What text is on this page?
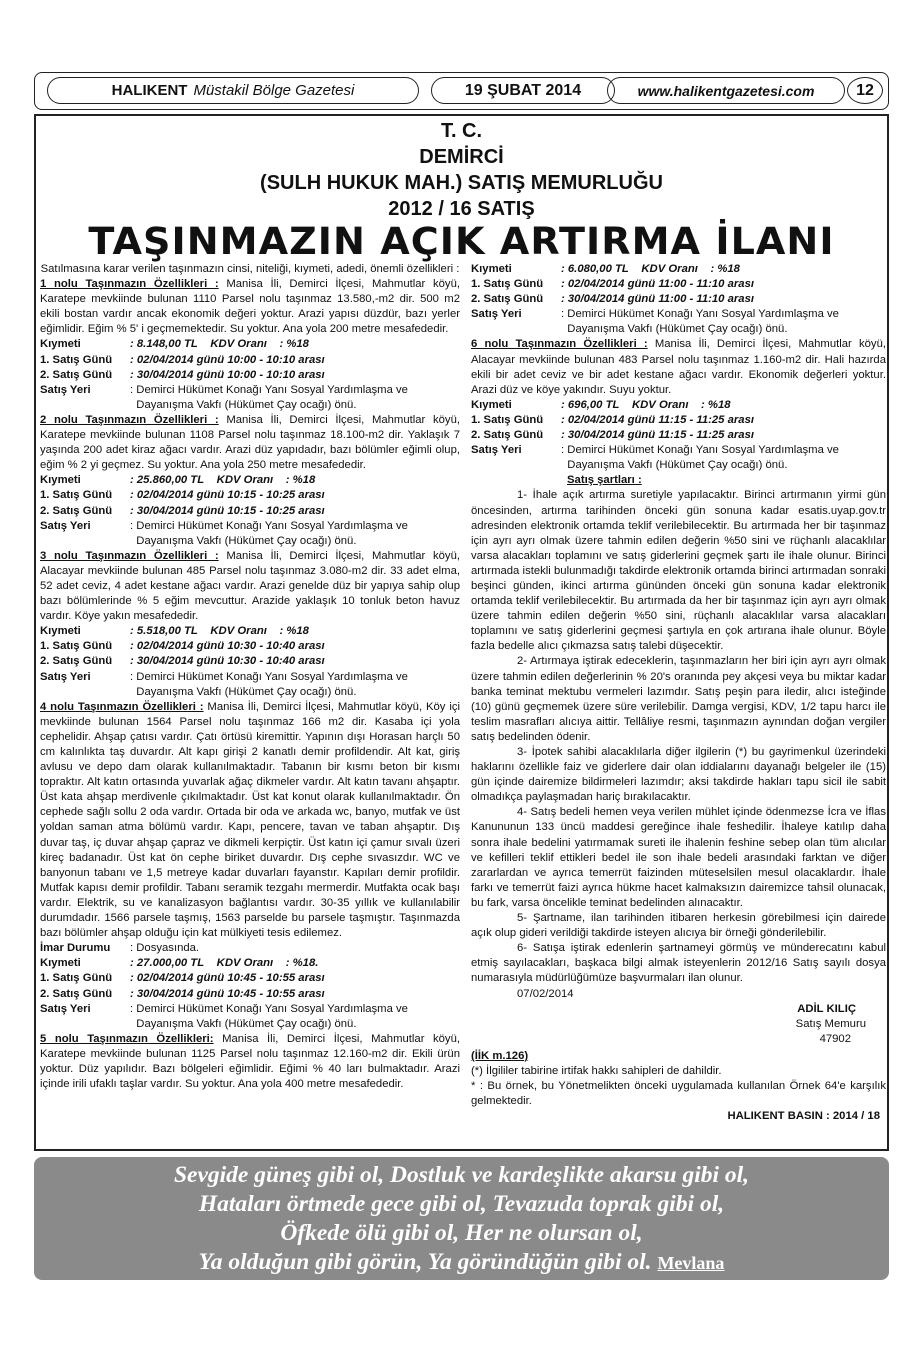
HALIKENT Müstakil Bölge Gazetesi	19 ŞUBAT 2014	www.halikentgazetesi.com	12
T. C.
DEMİRCİ
(SULH HUKUK MAH.) SATIŞ MEMURLUĞU
2012 / 16 SATIŞ
TAŞINMAZIN AÇIK ARTIRMA İLANI

Satılmasına karar verilen taşınmazın cinsi, niteliği, kıymeti, adedi, önemli özellikleri :

1 nolu Taşınmazın Özellikleri : Manisa İli, Demirci İlçesi, Mahmutlar köyü, Karatepe mevkiinde bulunan 1110 Parsel nolu taşınmaz 13.580,-m2 dir. 500 m2 ekili bostan vardır ancak ekonomik değeri yoktur. Arazi yapısı düzdür, bazı yerler eğimlidir. Eğim % 5' i geçmemektedir. Su yoktur. Ana yola 200 metre mesafededir.

Kıymeti	: 8.148,00 TL KDV Oranı : %18
1. Satış Günü	: 02/04/2014 günü 10:00 - 10:10 arası
2. Satış Günü	: 30/04/2014 günü 10:00 - 10:10 arası
Satış Yeri	: Demirci Hükümet Konağı Yanı Sosyal Yardımlaşma ve
Dayanışma Vakfı (Hükümet Çay ocağı) önü.

2 nolu Taşınmazın Özellikleri : Manisa İli, Demirci İlçesi, Mahmutlar köyü, Karatepe mevkiinde bulunan 1108 Parsel nolu taşınmaz 18.100-m2 dir. Yaklaşık 7 yaşında 200 adet kiraz ağacı vardır. Arazi düz yapıdadır, bazı bölümler eğimli olup, eğim % 2 yi geçmez. Su yoktur. Ana yola 250 metre mesafededir.

Kıymeti	: 25.860,00 TL KDV Oranı : %18
1. Satış Günü	: 02/04/2014 günü 10:15 - 10:25 arası
2. Satış Günü	: 30/04/2014 günü 10:15 - 10:25 arası
Satış Yeri	: Demirci Hükümet Konağı Yanı Sosyal Yardımlaşma ve
Dayanışma Vakfı (Hükümet Çay ocağı) önü.

3 nolu Taşınmazın Özellikleri : Manisa İli, Demirci İlçesi, Mahmutlar köyü, Alacayar mevkiinde bulunan 485 Parsel nolu taşınmaz 3.080-m2 dir. 33 adet elma, 52 adet ceviz, 4 adet kestane ağacı vardır. Arazi genelde düz bir yapıya sahip olup bazı bölümlerinde % 5 eğim mevcuttur. Arazide yaklaşık 10 tonluk beton havuz vardır. Köye yakın mesafededir.

Kıymeti	: 5.518,00 TL KDV Oranı : %18
1. Satış Günü	: 02/04/2014 günü 10:30 - 10:40 arası
2. Satış Günü	: 30/04/2014 günü 10:30 - 10:40 arası
Satış Yeri	: Demirci Hükümet Konağı Yanı Sosyal Yardımlaşma ve
Dayanışma Vakfı (Hükümet Çay ocağı) önü.

4 nolu Taşınmazın Özellikleri : Manisa İli, Demirci İlçesi, Mahmutlar köyü, Köy içi mevkiinde bulunan 1564 Parsel nolu taşınmaz 166 m2 dir. Kasaba içi yola cephelidir. Ahşap çatısı vardır. Çatı örtüsü kiremittir. Yapının dışı Horasan harçlı 50 cm kalınlıkta taş duvardır. Alt kapı girişi 2 kanatlı demir profildendir. Alt kat, giriş avlusu ve depo dam olarak kullanılmaktadır. Tabanın bir kısmı beton bir kısmı topraktır. Alt katın ortasında yuvarlak ağaç dikmeler vardır. Alt katın tavanı ahşaptır. Üst kata ahşap merdivenle çıkılmaktadır. Üst kat konut olarak kullanılmaktadır. Ön cephede sağlı sollu 2 oda vardır. Ortada bir oda ve arkada wc, banyo, mutfak ve üst yoldan saman atma bölümü vardır. Kapı, pencere, tavan ve taban ahşaptır. Dış duvar taş, iç duvar ahşap çapraz ve dikmeli kerpiçtir. Üst katın içi çamur sıvalı üzeri kireç badanadır. Üst kat ön cephe biriket duvardır. Dış cephe sıvasızdır. WC ve banyonun tabanı ve 1,5 metreye kadar duvarları fayanstır. Kapıları demir profildir. Mutfak kapısı demir profildir. Tabanı seramik tezgahı mermerdir. Mutfakta ocak başı vardır. Elektrik, su ve kanalizasyon bağlantısı vardır. 30-35 yıllık ve kullanılabilir durumdadır. 1566 parsele taşmış, 1563 parselde bu parsele taşmıştır. Taşınmazda bazı bölümler ahşap olduğu için kat mülkiyeti tesis edilemez.

İmar Durumu	: Dosyasında.
Kıymeti	: 27.000,00 TL KDV Oranı : %18.
1. Satış Günü	: 02/04/2014 günü 10:45 - 10:55 arası
2. Satış Günü	: 30/04/2014 günü 10:45 - 10:55 arası
Satış Yeri	: Demirci Hükümet Konağı Yanı Sosyal Yardımlaşma ve
Dayanışma Vakfı (Hükümet Çay ocağı) önü.

5 nolu Taşınmazın Özellikleri: Manisa İli, Demirci İlçesi, Mahmutlar köyü, Karatepe mevkiinde bulunan 1125 Parsel nolu taşınmaz 12.160-m2 dir. Ekili ürün yoktur. Düz yapılıdır. Bazı bölgeleri eğimlidir. Eğimi % 40 ları bulmaktadır. Arazi içinde irili ufaklı taşlar vardır. Su yoktur. Ana yola 400 metre mesafededir.

Kıymeti	: 6.080,00 TL KDV Oranı : %18
1. Satış Günü	: 02/04/2014 günü 11:00 - 11:10 arası
2. Satış Günü	: 30/04/2014 günü 11:00 - 11:10 arası
Satış Yeri	: Demirci Hükümet Konağı Yanı Sosyal Yardımlaşma ve
Dayanışma Vakfı (Hükümet Çay ocağı) önü.

6 nolu Taşınmazın Özellikleri : Manisa İli, Demirci İlçesi, Mahmutlar köyü, Alacayar mevkiinde bulunan 483 Parsel nolu taşınmaz 1.160-m2 dir. Hali hazırda ekili bir adet ceviz ve bir adet kestane ağacı vardır. Ekonomik değerleri yoktur. Arazi düz ve köye yakındır. Suyu yoktur.

Kıymeti	: 696,00 TL KDV Oranı : %18
1. Satış Günü	: 02/04/2014 günü 11:15 - 11:25 arası
2. Satış Günü	: 30/04/2014 günü 11:15 - 11:25 arası
Satış Yeri	: Demirci Hükümet Konağı Yanı Sosyal Yardımlaşma ve
Dayanışma Vakfı (Hükümet Çay ocağı) önü.

Satış şartları :

1- İhale açık artırma suretiyle yapılacaktır. Birinci artırmanın yirmi gün öncesinden, artırma tarihinden önceki gün sonuna kadar esatis.uyap.gov.tr adresinden elektronik ortamda teklif verilebilecektir. Bu artırmada her bir taşınmaz için ayrı ayrı olmak üzere tahmin edilen değerin %50 sini ve rüçhanlı alacaklılar varsa alacakları toplamını ve satış giderlerini geçmek şartı ile ihale olunur. Birinci artırmada istekli bulunmadığı takdirde elektronik ortamda birinci artırmadan sonraki beşinci günden, ikinci artırma gününden önceki gün sonuna kadar elektronik ortamda teklif verilebilecektir. Bu artırmada da her bir taşınmaz için ayrı ayrı olmak üzere tahmin edilen değerin %50 sini, rüçhanlı alacaklılar varsa alacakları toplamını ve satış giderlerini geçmesi şartıyla en çok artırana ihale olunur. Böyle fazla bedelle alıcı çıkmazsa satış talebi düşecektir.

2- Artırmaya iştirak edeceklerin, taşınmazların her biri için ayrı ayrı olmak üzere tahmin edilen değerlerinin % 20's oranında pey akçesi veya bu miktar kadar banka teminat mektubu vermeleri lazımdır. Satış peşin para iledir, alıcı isteğinde (10) günü geçmemek üzere süre verilebilir. Damga vergisi, KDV, 1/2 tapu harcı ile teslim masrafları alıcıya aittir. Tellâliye resmi, taşınmazın aynından doğan vergiler satış bedelinden ödenir.

3- İpotek sahibi alacaklılarla diğer ilgilerin (*) bu gayrimenkul üzerindeki haklarını özellikle faiz ve giderlere dair olan iddialarını dayanağı belgeler ile (15) gün içinde dairemize bildirmeleri lazımdır; aksi takdirde hakları tapu sicil ile sabit olmadıkça paylaşmadan hariç bırakılacaktır.

4- Satış bedeli hemen veya verilen mühlet içinde ödenmezse İcra ve İflas Kanununun 133 üncü maddesi gereğince ihale feshedilir. İhaleye katılıp daha sonra ihale bedelini yatırmamak sureti ile ihalenin feshine sebep olan tüm alıcılar ve kefilleri teklif ettikleri bedel ile son ihale bedeli arasındaki farktan ve diğer zararlardan ve ayrıca temerrüt faizinden müteselsilen mesul olacaklardır. İhale farkı ve temerrüt faizi ayrıca hükme hacet kalmaksızın dairemizce tahsil olunacak, bu fark, varsa öncelikle teminat bedelinden alınacaktır.

5- Şartname, ilan tarihinden itibaren herkesin görebilmesi için dairede açık olup gideri verildiği takdirde isteyen alıcıya bir örneği gönderilebilir.

6- Satışa iştirak edenlerin şartnameyi görmüş ve münderecatını kabul etmiş sayılacakları, başkaca bilgi almak isteyenlerin 2012/16 Satış sayılı dosya numarasıyla müdürlüğümüze başvurmaları ilan olunur.

07/02/2014

ADİL KILIÇ

Satış Memuru

47902

(İİK m.126)

(*) İlgililer tabirine irtifak hakkı sahipleri de dahildir.

* : Bu örnek, bu Yönetmelikten önceki uygulamada kullanılan Örnek 64'e karşılık gelmektedir.

HALIKENT BASIN : 2014 / 18

Sevgide güneş gibi ol, Dostluk ve kardeşlikte akarsu gibi ol,
Hataları örtmede gece gibi ol, Tevazuda toprak gibi ol,
Öfkede ölü gibi ol, Her ne olursan ol,
Ya olduğun gibi görün, Ya göründüğün gibi ol. Mevlana
